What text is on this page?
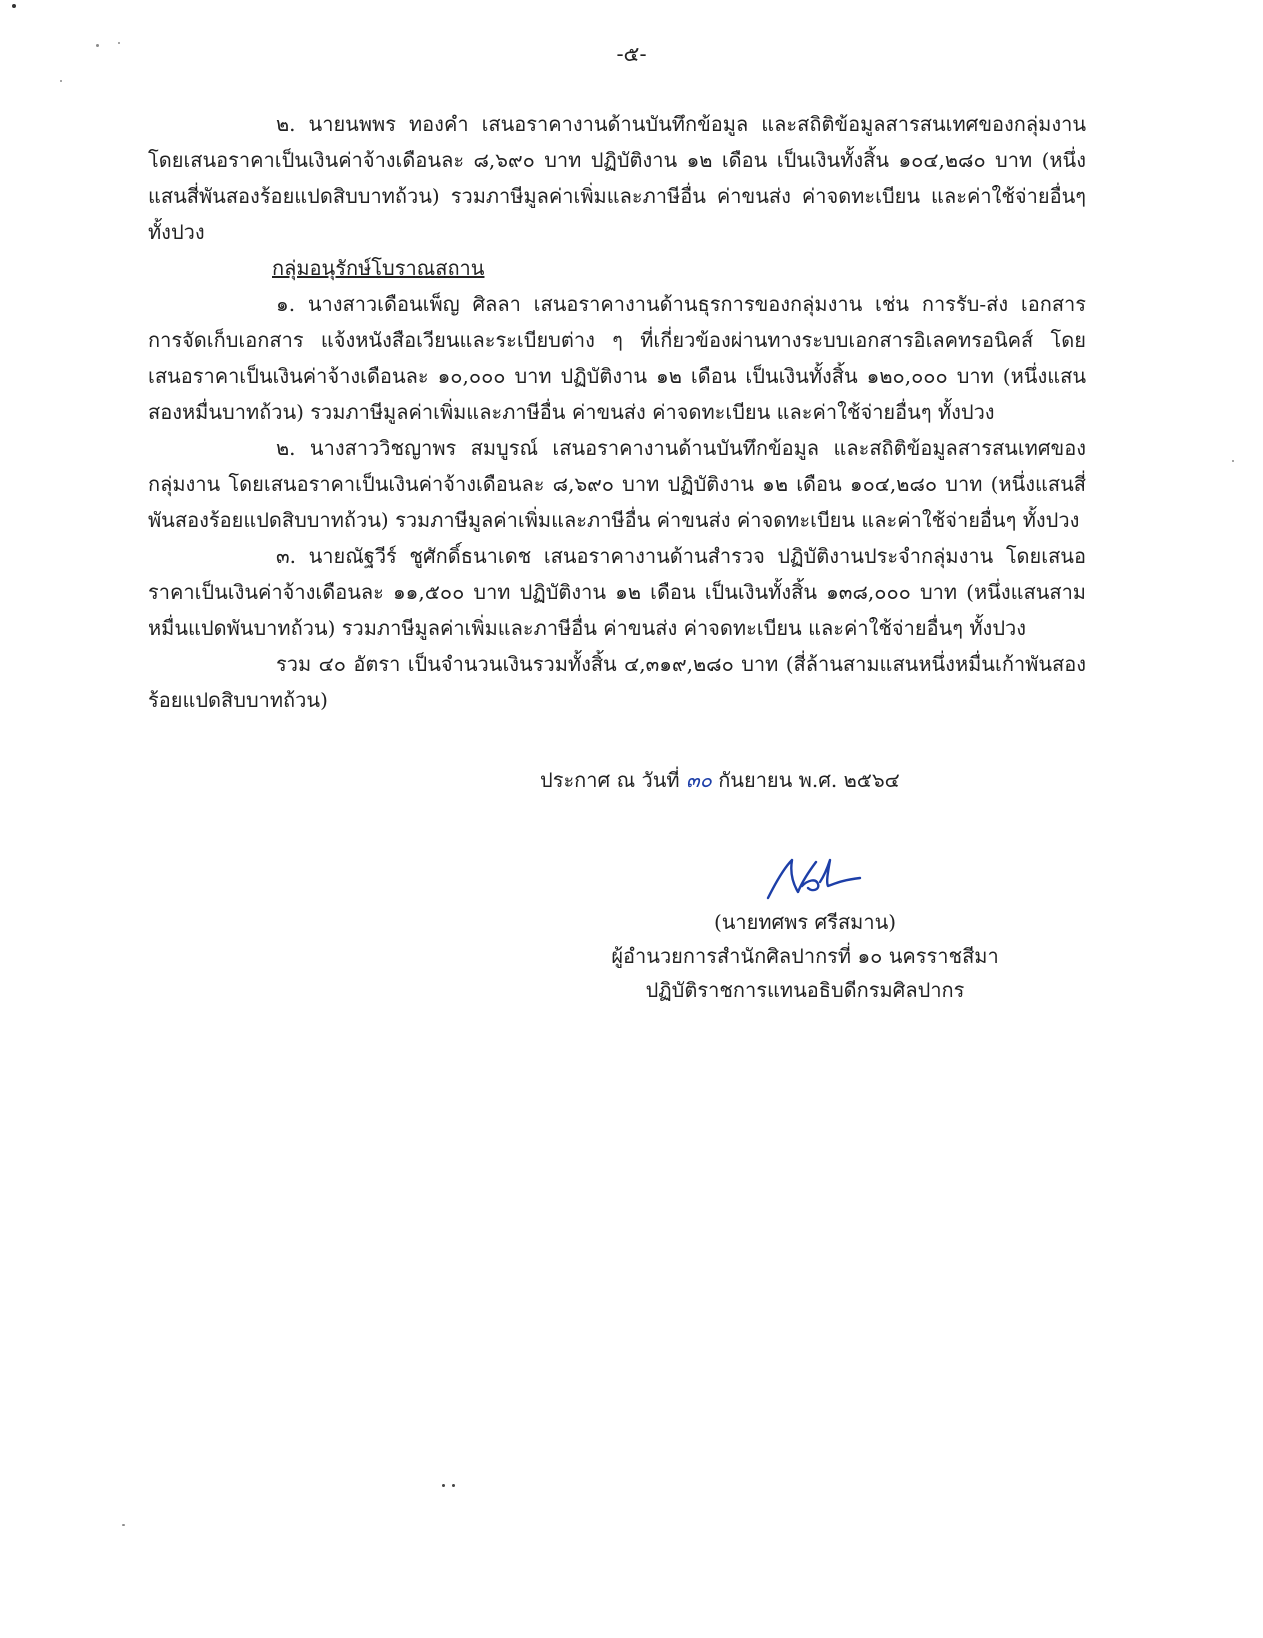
-๕-

๒. นายนพพร ทองคำ เสนอราคางานด้านบันทึกข้อมูล และสถิติข้อมูลสารสนเทศของกลุ่มงาน โดยเสนอราคาเป็นเงินค่าจ้างเดือนละ ๘,๖๙๐ บาท ปฏิบัติงาน ๑๒ เดือน เป็นเงินทั้งสิ้น ๑๐๔,๒๘๐ บาท (หนึ่งแสนสี่พันสองร้อยแปดสิบบาทถ้วน) รวมภาษีมูลค่าเพิ่มและภาษีอื่น ค่าขนส่ง ค่าจดทะเบียน และค่าใช้จ่ายอื่นๆ ทั้งปวง

กลุ่มอนุรักษ์โบราณสถาน

๑. นางสาวเดือนเพ็ญ ศิลลา เสนอราคางานด้านธุรการของกลุ่มงาน เช่น การรับ-ส่ง เอกสาร การจัดเก็บเอกสาร แจ้งหนังสือเวียนและระเบียบต่าง ๆ ที่เกี่ยวข้องผ่านทางระบบเอกสารอิเลคทรอนิคส์ โดยเสนอราคาเป็นเงินค่าจ้างเดือนละ ๑๐,๐๐๐ บาท ปฏิบัติงาน ๑๒ เดือน เป็นเงินทั้งสิ้น ๑๒๐,๐๐๐ บาท (หนึ่งแสนสองหมื่นบาทถ้วน) รวมภาษีมูลค่าเพิ่มและภาษีอื่น ค่าขนส่ง ค่าจดทะเบียน และค่าใช้จ่ายอื่นๆ ทั้งปวง

๒. นางสาววิชญาพร สมบูรณ์ เสนอราคางานด้านบันทึกข้อมูล และสถิติข้อมูลสารสนเทศของกลุ่มงาน โดยเสนอราคาเป็นเงินค่าจ้างเดือนละ ๘,๖๙๐ บาท ปฏิบัติงาน ๑๒ เดือน ๑๐๔,๒๘๐ บาท (หนึ่งแสนสี่พันสองร้อยแปดสิบบาทถ้วน) รวมภาษีมูลค่าเพิ่มและภาษีอื่น ค่าขนส่ง ค่าจดทะเบียน และค่าใช้จ่ายอื่นๆ ทั้งปวง

๓. นายณัฐวีร์ ชูศักดิ์ธนาเดช เสนอราคางานด้านสำรวจ ปฏิบัติงานประจำกลุ่มงาน โดยเสนอราคาเป็นเงินค่าจ้างเดือนละ ๑๑,๕๐๐ บาท ปฏิบัติงาน ๑๒ เดือน เป็นเงินทั้งสิ้น ๑๓๘,๐๐๐ บาท (หนึ่งแสนสามหมื่นแปดพันบาทถ้วน) รวมภาษีมูลค่าเพิ่มและภาษีอื่น ค่าขนส่ง ค่าจดทะเบียน และค่าใช้จ่ายอื่นๆ ทั้งปวง

รวม ๔๐ อัตรา เป็นจำนวนเงินรวมทั้งสิ้น ๔,๓๑๙,๒๘๐ บาท (สี่ล้านสามแสนหนึ่งหมื่นเก้าพันสองร้อยแปดสิบบาทถ้วน)

ประกาศ ณ วันที่ ๓๐ กันยายน พ.ศ. ๒๕๖๔
(นายทศพร ศรีสมาน)
ผู้อำนวยการสำนักศิลปากรที่ ๑๐ นครราชสีมา
ปฏิบัติราชการแทนอธิบดีกรมศิลปากร
